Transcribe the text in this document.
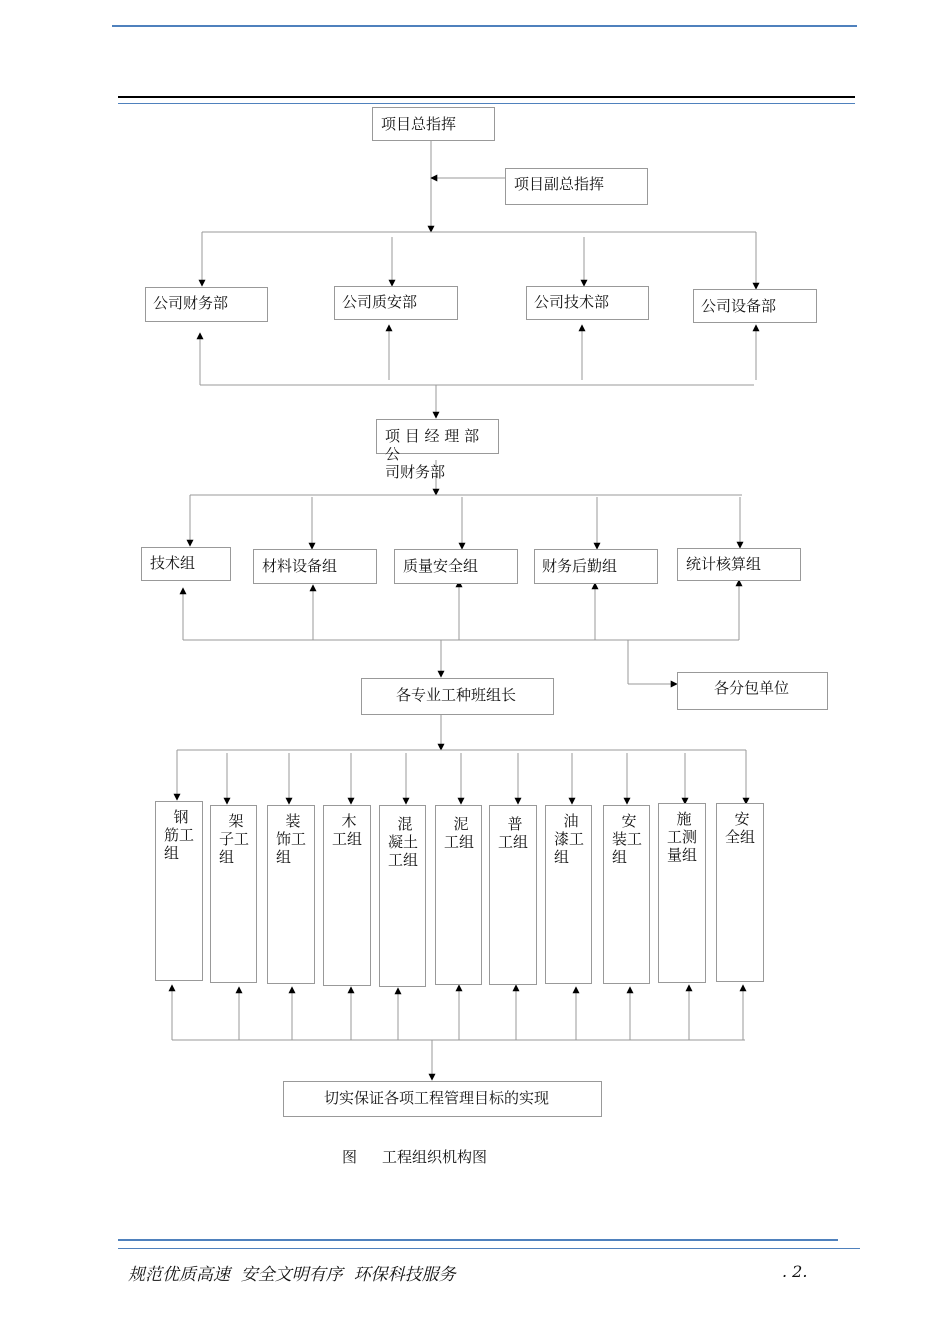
项目总指挥
项目副总指挥
公司财务部	公司质安部	公司技术部	公司设备部
项 目 经 理 部 公
司财务部
技术组	材料设备组	质量安全组	财务后勤组	统计核算组
各专业工种班组长	各分包单位
钢
筋工
组
架
子工
组
装
饰工
组
木
工组
混
凝土
工组
泥
工组
普
工组
油
漆工
组
安
装工
组
施
工测
量组
安
全组
切实保证各项工程管理目标的实现
图 工程组织机构图
规范优质高速  安全文明有序  环保科技服务	. 2.
